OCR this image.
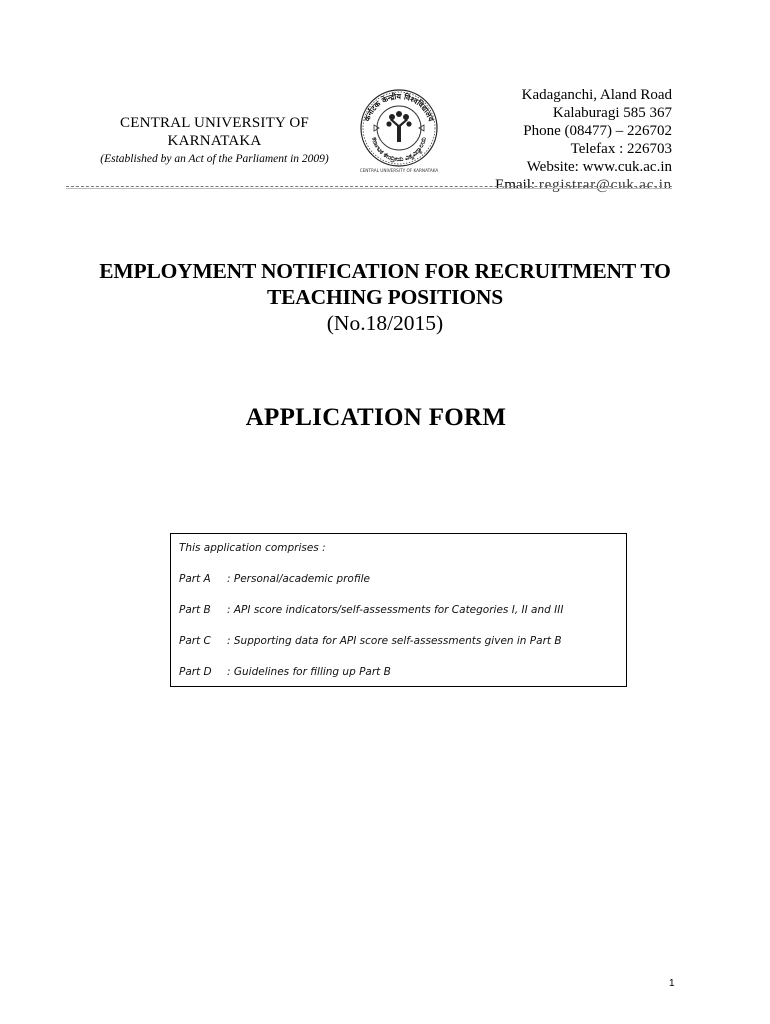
CENTRAL UNIVERSITY OF
KARNATAKA
(Established by an Act of the Parliament in 2009)
कर्नाटक केन्द्रीय विश्वविद्यालय
ಕರ್ನಾಟಕ ಕೇಂದ್ರೀಯ ವಿಶ್ವವಿದ್ಯಾಲಯ
CENTRAL UNIVERSITY OF KARNATAKA
Kadaganchi, Aland Road
Kalaburagi 585 367
Phone (08477) – 226702
Telefax : 226703
Website: www.cuk.ac.in
Email: registrar@cuk.ac.in
EMPLOYMENT NOTIFICATION FOR RECRUITMENT TO
TEACHING POSITIONS
(No.18/2015)
APPLICATION FORM
This application comprises :
Part A	: Personal/academic profile
Part B	: API score indicators/self-assessments for Categories I, II and III
Part C	: Supporting data for API score self-assessments given in Part B
Part D	: Guidelines for filling up Part B
1
